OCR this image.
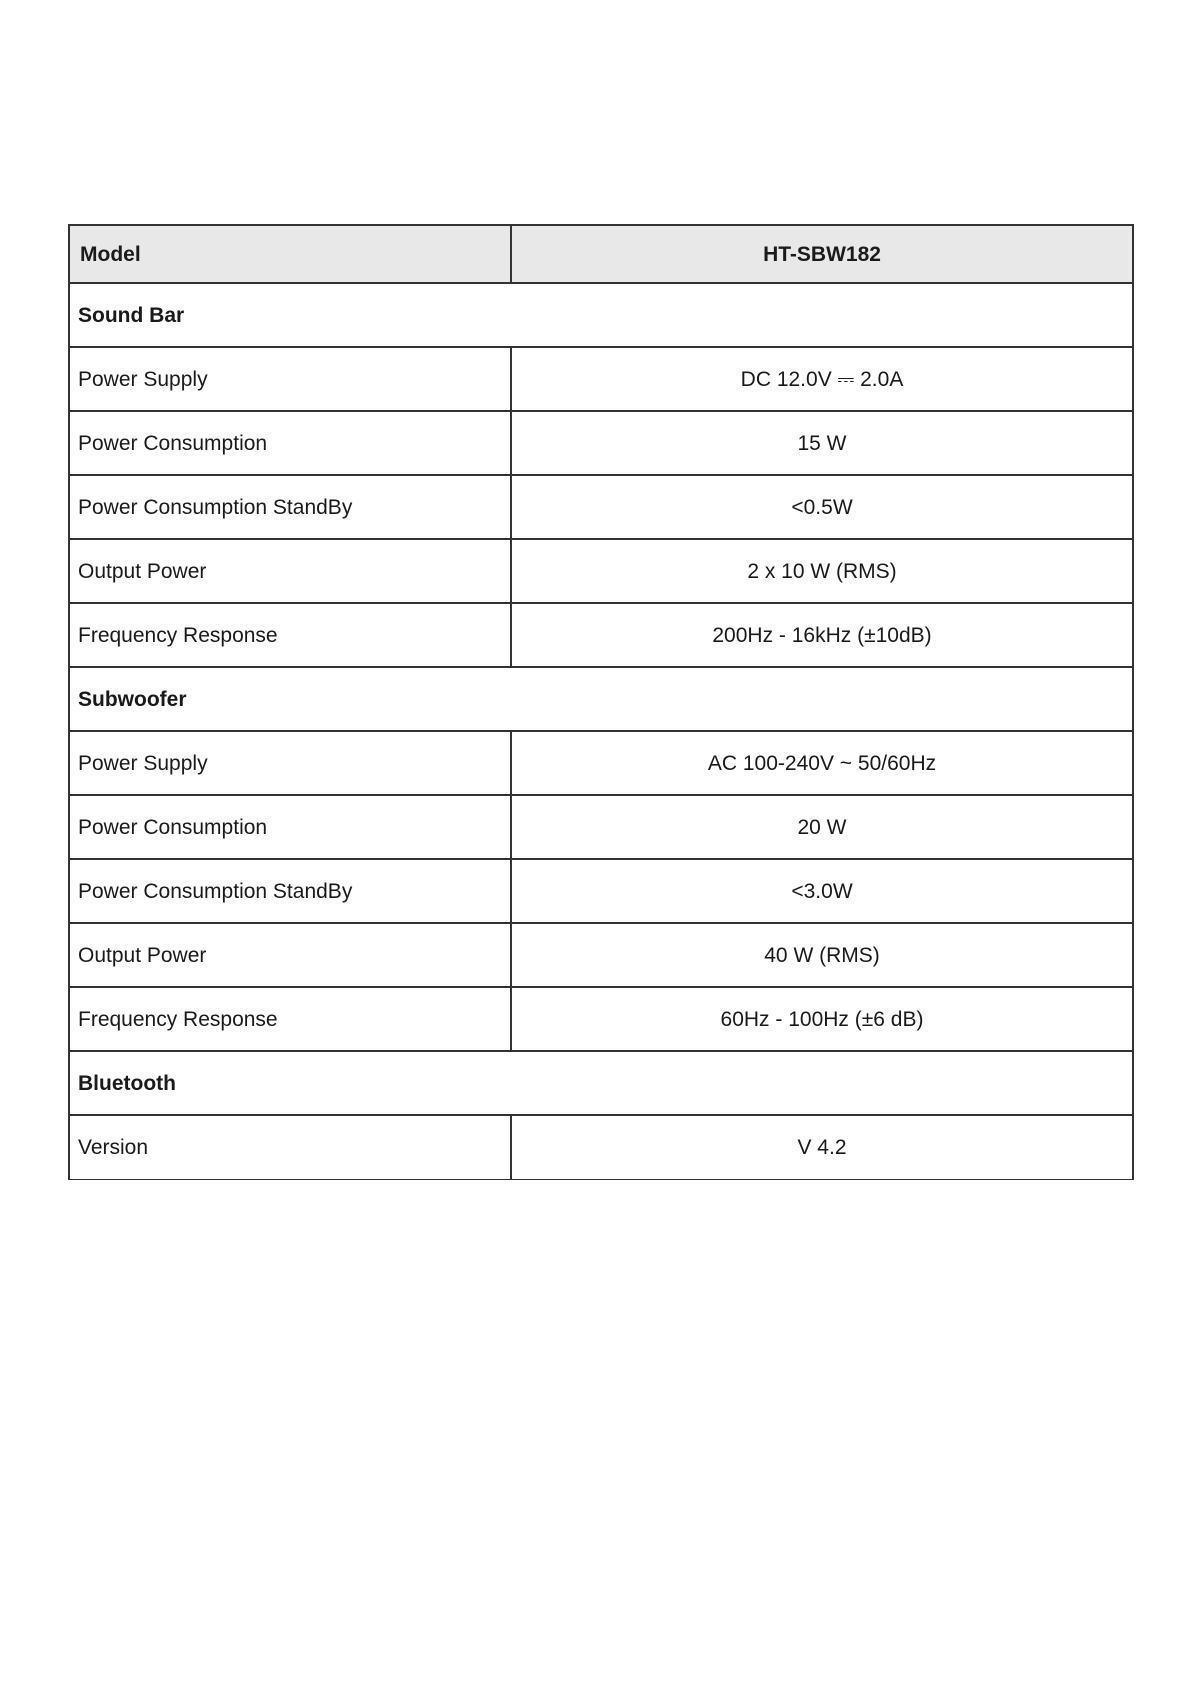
Model	HT-SBW182
Sound Bar	
Power Supply	DC 12.0V ⎓ 2.0A
Power Consumption	15 W
Power Consumption StandBy	<0.5W
Output Power	2 x 10 W (RMS)
Frequency Response	200Hz - 16kHz (±10dB)
Subwoofer	
Power Supply	AC 100-240V ~ 50/60Hz
Power Consumption	20 W
Power Consumption StandBy	<3.0W
Output Power	40 W (RMS)
Frequency Response	60Hz - 100Hz (±6 dB)
Bluetooth	
Version	V 4.2
